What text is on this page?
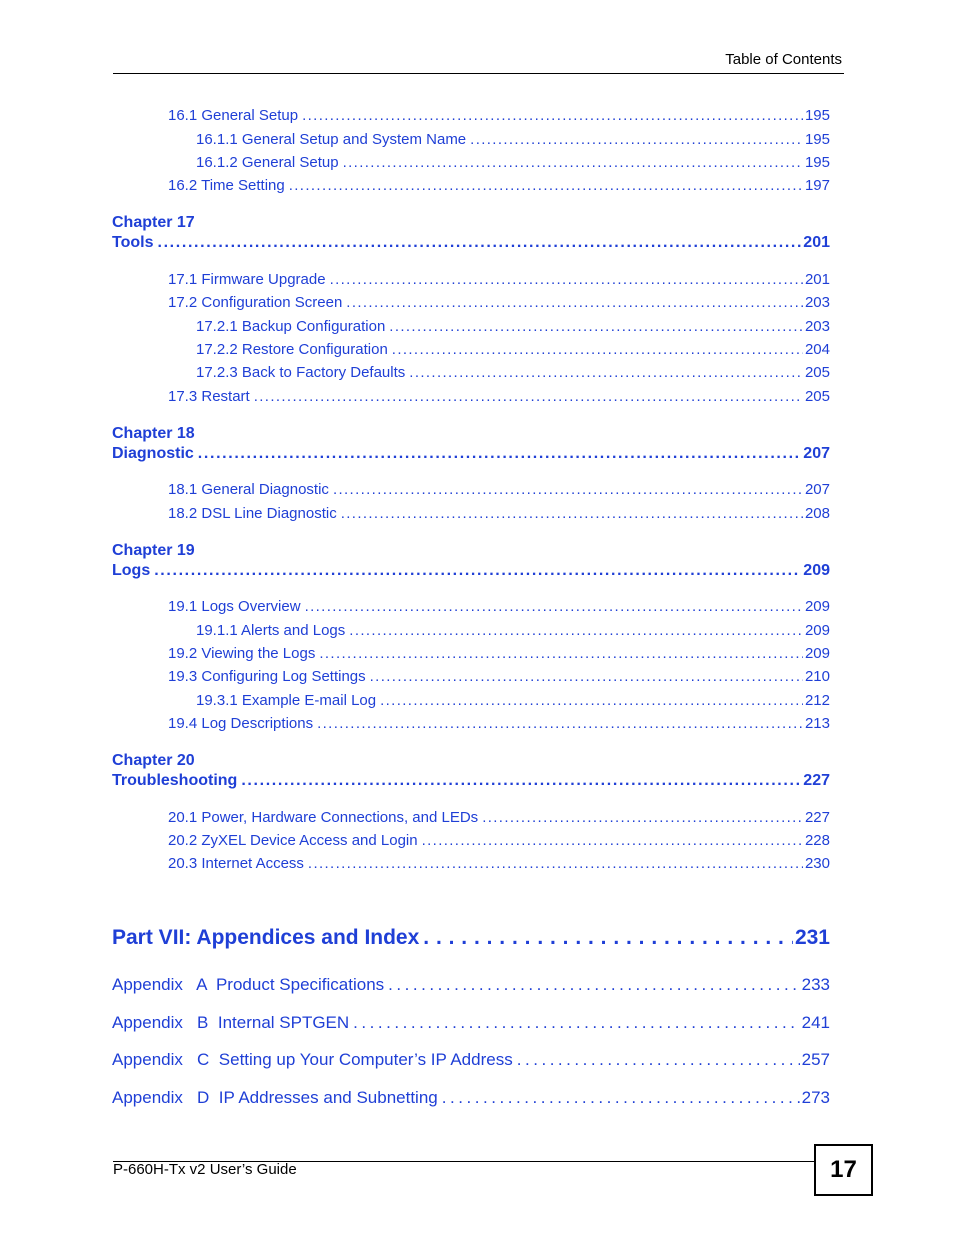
Table of Contents
16.1 General Setup . . .	195
16.1.1 General Setup and System Name . . .	195
16.1.2 General Setup . . .	195
16.2 Time Setting . . .	197
Chapter 17
Tools . . .	201
17.1 Firmware Upgrade . . .	201
17.2 Configuration Screen . . .	203
17.2.1 Backup Configuration . . .	203
17.2.2 Restore Configuration . . .	204
17.2.3 Back to Factory Defaults . . .	205
17.3 Restart . . .	205
Chapter 18
Diagnostic . . .	207
18.1 General Diagnostic . . .	207
18.2 DSL Line Diagnostic . . .	208
Chapter 19
Logs . . .	209
19.1 Logs Overview . . .	209
19.1.1 Alerts and Logs . . .	209
19.2 Viewing the Logs . . .	209
19.3 Configuring Log Settings . . .	210
19.3.1 Example E-mail Log . . .	212
19.4 Log Descriptions . . .	213
Chapter 20
Troubleshooting . . .	227
20.1 Power, Hardware Connections, and LEDs . . .	227
20.2 ZyXEL Device Access and Login . . .	228
20.3 Internet Access . . .	230
Part VII: Appendices and Index . . .	231
Appendix   A  Product Specifications . . .	233
Appendix   B  Internal SPTGEN . . .	241
Appendix   C  Setting up Your Computer’s IP Address . . .	257
Appendix   D  IP Addresses and Subnetting . . .	273
P-660H-Tx v2 User’s Guide	17
